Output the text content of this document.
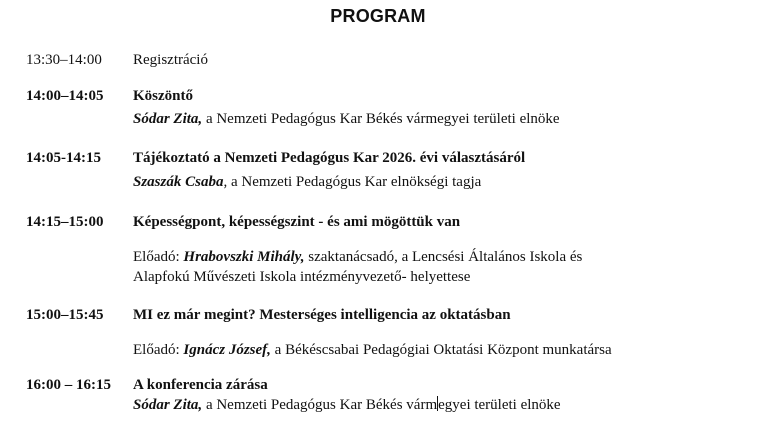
PROGRAM
13:30–14:00 Regisztráció
14:00–14:05 Köszöntő
Sódar Zita, a Nemzeti Pedagógus Kar Békés vármegyei területi elnöke
14:05-14:15 Tájékoztató a Nemzeti Pedagógus Kar 2026. évi választásáról
Szaszák Csaba, a Nemzeti Pedagógus Kar elnökségi tagja
14:15–15:00 Képességpont, képességszint - és ami mögöttük van
Előadó: Hrabovszki Mihály, szaktanácsadó, a Lencsési Általános Iskola és
Alapfokú Művészeti Iskola intézményvezető- helyettese
15:00–15:45 MI ez már megint? Mesterséges intelligencia az oktatásban
Előadó: Ignácz József, a Békéscsabai Pedagógiai Oktatási Központ munkatársa
16:00 – 16:15 A konferencia zárása
Sódar Zita, a Nemzeti Pedagógus Kar Békés vármegyei területi elnöke
